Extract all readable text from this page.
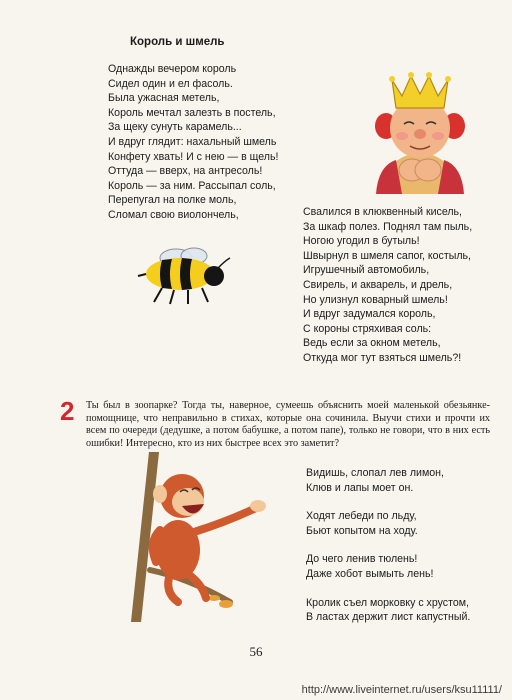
Король и шмель
Однажды вечером король
Сидел один и ел фасоль.
Была ужасная метель,
Король мечтал залезть в постель,
За щеку сунуть карамель...
И вдруг глядит: нахальный шмель
Конфету хвать! И с нею — в щель!
Оттуда — вверх, на антресоль!
Король — за ним. Рассыпал соль,
Перепугал на полке моль,
Сломал свою виолончель,	Свалился в клюквенный кисель,
За шкаф полез. Поднял там пыль,
Ногою угодил в бутыль!
Швырнул в шмеля сапог, костыль,
Игрушечный автомобиль,
Свирель, и акварель, и дрель,
Но улизнул коварный шмель!
И вдруг задумался король,
С короны стряхивая соль:
Ведь если за окном метель,
Откуда мог тут взяться шмель?!
2 Ты был в зоопарке? Тогда ты, наверное, сумеешь объяснить моей маленькой обезьянке-помощнице, что неправильно в стихах, которые она сочинила. Выучи стихи и прочти их всем по очереди (дедушке, а потом бабушке, а потом папе), только не говори, что в них есть ошибки! Интересно, кто из них быстрее всех это заметит?
Видишь, слопал лев лимон,
Клюв и лапы моет он.
Ходят лебеди по льду,
Бьют копытом на ходу.
До чего ленив тюлень!
Даже хобот вымыть лень!
Кролик съел морковку с хрустом,
В ластах держит лист капустный.
56
http://www.liveinternet.ru/users/ksu11111/
